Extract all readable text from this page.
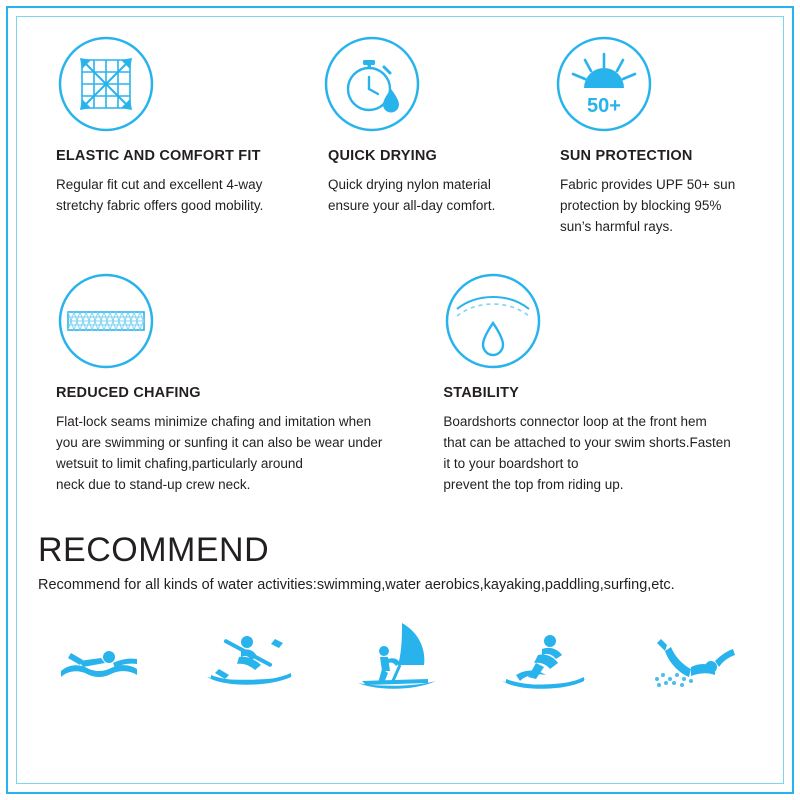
ELASTIC AND COMFORT FIT
Regular fit cut and excellent 4-way
stretchy fabric offers good mobility.
QUICK DRYING
Quick drying nylon material
ensure your all-day comfort.
50+
SUN PROTECTION
Fabric provides UPF 50+ sun
protection by blocking 95%
sun’s harmful rays.
REDUCED CHAFING
Flat-lock seams minimize chafing and imitation when
you are swimming or sunfing it can also be wear under
wetsuit to limit chafing,particularly around
neck due to stand-up crew neck.
STABILITY
Boardshorts connector loop at the front hem
that can be attached to your swim shorts.Fasten
it to your boardshort to
prevent the top from riding up.
RECOMMEND
Recommend for all kinds of water activities:swimming,water aerobics,kayaking,paddling,surfing,etc.
